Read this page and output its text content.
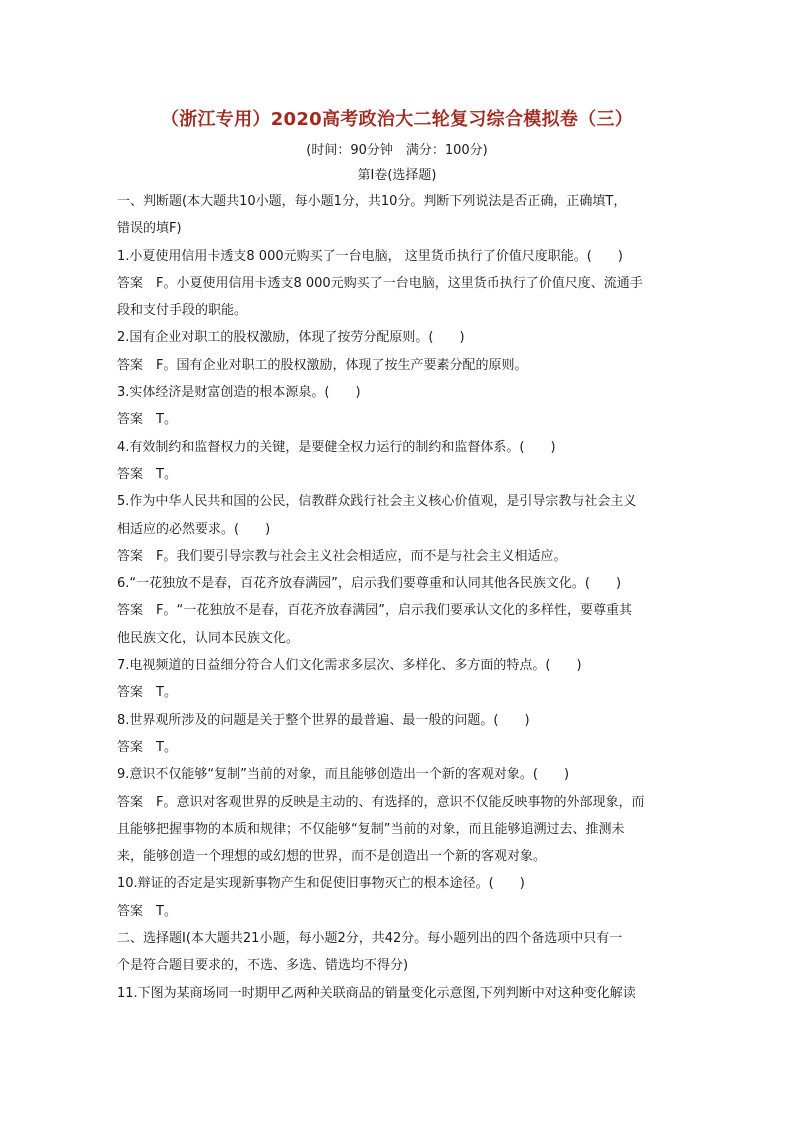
（浙江专用）2020高考政治大二轮复习综合模拟卷（三）
(时间：90分钟　满分：100分)
第Ⅰ卷(选择题)
一、判断题(本大题共10小题，每小题1分，共10分。判断下列说法是否正确，正确填T，
错误的填F)
1.小夏使用信用卡透支8 000元购买了一台电脑， 这里货币执行了价值尺度职能。(　　)
答案　F。小夏使用信用卡透支8 000元购买了一台电脑，这里货币执行了价值尺度、流通手
段和支付手段的职能。
2.国有企业对职工的股权激励，体现了按劳分配原则。(　　)
答案　F。国有企业对职工的股权激励，体现了按生产要素分配的原则。
3.实体经济是财富创造的根本源泉。(　　)
答案　T。
4.有效制约和监督权力的关键，是要健全权力运行的制约和监督体系。(　　)
答案　T。
5.作为中华人民共和国的公民，信教群众践行社会主义核心价值观，是引导宗教与社会主义
相适应的必然要求。(　　)
答案　F。我们要引导宗教与社会主义社会相适应，而不是与社会主义相适应。
6.“一花独放不是春，百花齐放春满园”，启示我们要尊重和认同其他各民族文化。(　　)
答案　F。“一花独放不是春，百花齐放春满园”，启示我们要承认文化的多样性，要尊重其
他民族文化，认同本民族文化。
7.电视频道的日益细分符合人们文化需求多层次、多样化、多方面的特点。(　　)
答案　T。
8.世界观所涉及的问题是关于整个世界的最普遍、最一般的问题。(　　)
答案　T。
9.意识不仅能够“复制”当前的对象，而且能够创造出一个新的客观对象。(　　)
答案　F。意识对客观世界的反映是主动的、有选择的，意识不仅能反映事物的外部现象，而
且能够把握事物的本质和规律；不仅能够“复制”当前的对象，而且能够追溯过去、推测未
来，能够创造一个理想的或幻想的世界，而不是创造出一个新的客观对象。
10.辩证的否定是实现新事物产生和促使旧事物灭亡的根本途径。(　　)
答案　T。
二、选择题Ⅰ(本大题共21小题，每小题2分，共42分。每小题列出的四个备选项中只有一
个是符合题目要求的，不选、多选、错选均不得分)
11.下图为某商场同一时期甲乙两种关联商品的销量变化示意图,下列判断中对这种变化解读
